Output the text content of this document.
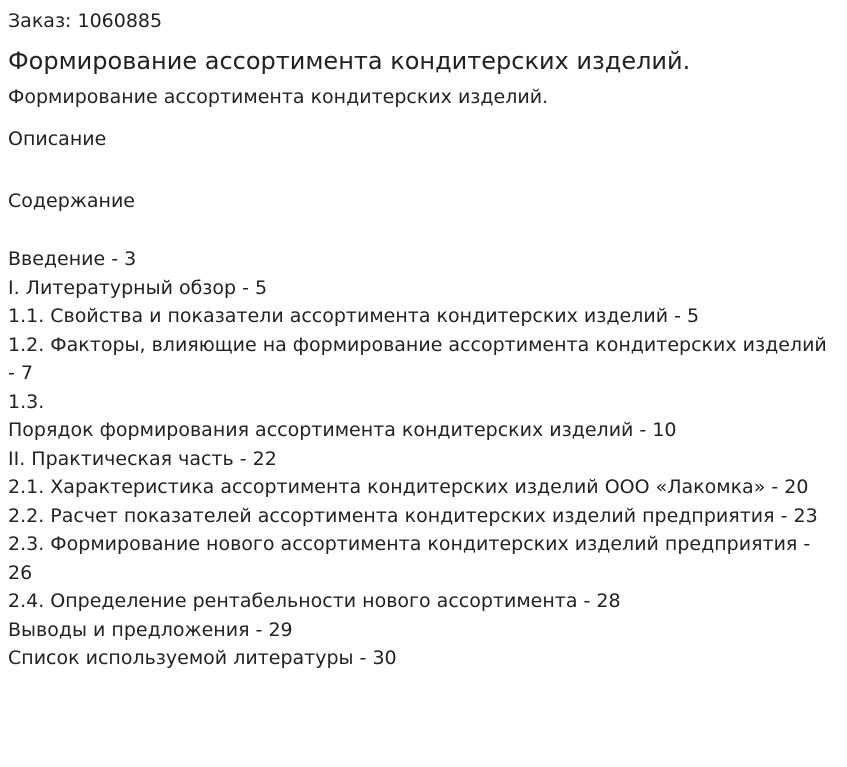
Заказ: 1060885

Формирование ассортимента кондитерских изделий.

Формирование ассортимента кондитерских изделий.

Описание

Содержание

Введение - 3
I. Литературный обзор - 5
1.1. Свойства и показатели ассортимента кондитерских изделий - 5
1.2. Факторы, влияющие на формирование ассортимента кондитерских изделий - 7
1.3.
Порядок формирования ассортимента кондитерских изделий - 10
II. Практическая часть - 22
2.1. Характеристика ассортимента кондитерских изделий ООО «Лакомка» - 20
2.2. Расчет показателей ассортимента кондитерских изделий предприятия - 23
2.3. Формирование нового ассортимента кондитерских изделий предприятия - 26
2.4. Определение рентабельности нового ассортимента - 28
Выводы и предложения - 29
Список используемой литературы - 30
